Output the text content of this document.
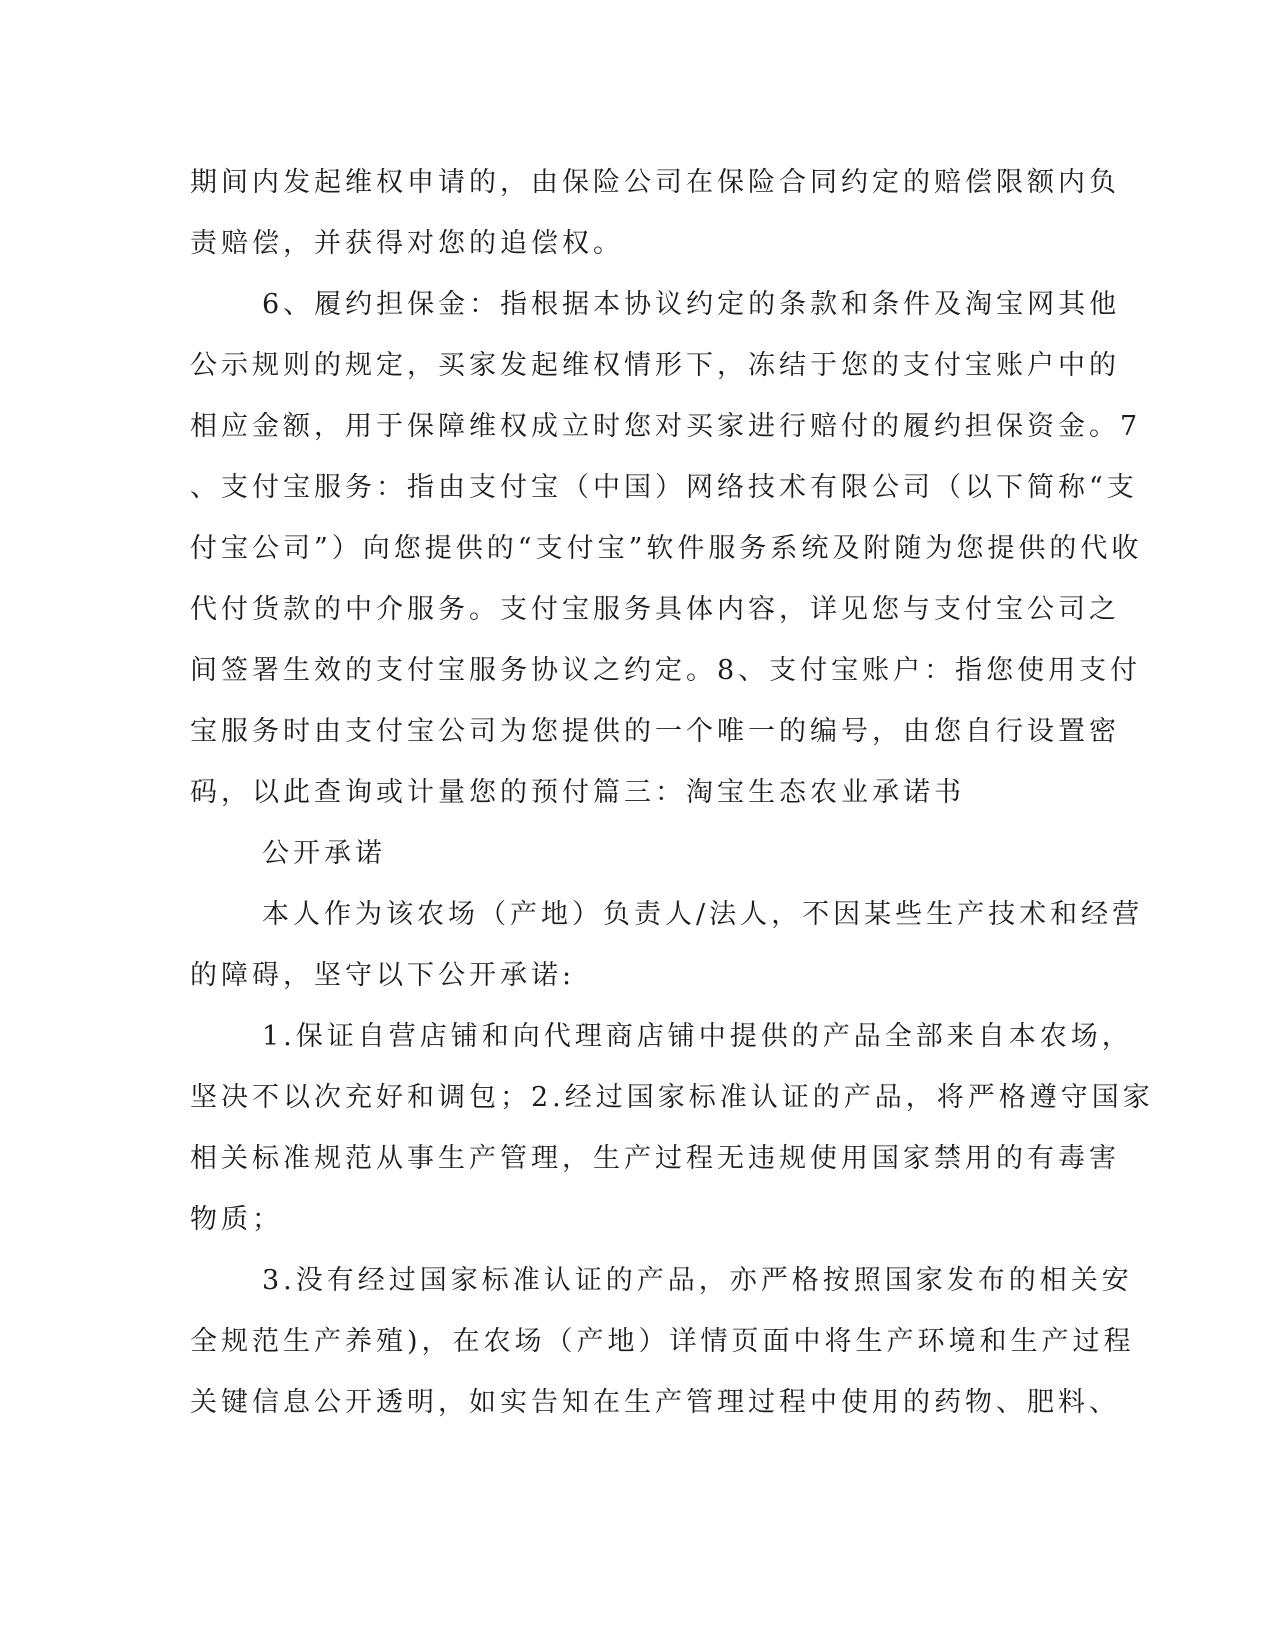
期间内发起维权申请的，由保险公司在保险合同约定的赔偿限额内负
责赔偿，并获得对您的追偿权。
6、履约担保金：指根据本协议约定的条款和条件及淘宝网其他
公示规则的规定，买家发起维权情形下，冻结于您的支付宝账户中的
相应金额，用于保障维权成立时您对买家进行赔付的履约担保资金。7
、支付宝服务：指由支付宝（中国）网络技术有限公司（以下简称“支
付宝公司”）向您提供的“支付宝”软件服务系统及附随为您提供的代收
代付货款的中介服务。支付宝服务具体内容，详见您与支付宝公司之
间签署生效的支付宝服务协议之约定。8、支付宝账户：指您使用支付
宝服务时由支付宝公司为您提供的一个唯一的编号，由您自行设置密
码，以此查询或计量您的预付篇三：淘宝生态农业承诺书
公开承诺
本人作为该农场（产地）负责人/法人，不因某些生产技术和经营
的障碍，坚守以下公开承诺:
1.保证自营店铺和向代理商店铺中提供的产品全部来自本农场，
坚决不以次充好和调包；2.经过国家标准认证的产品，将严格遵守国家
相关标准规范从事生产管理，生产过程无违规使用国家禁用的有毒害
物质；
3.没有经过国家标准认证的产品，亦严格按照国家发布的相关安
全规范生产养殖)，在农场（产地）详情页面中将生产环境和生产过程
关键信息公开透明，如实告知在生产管理过程中使用的药物、肥料、
